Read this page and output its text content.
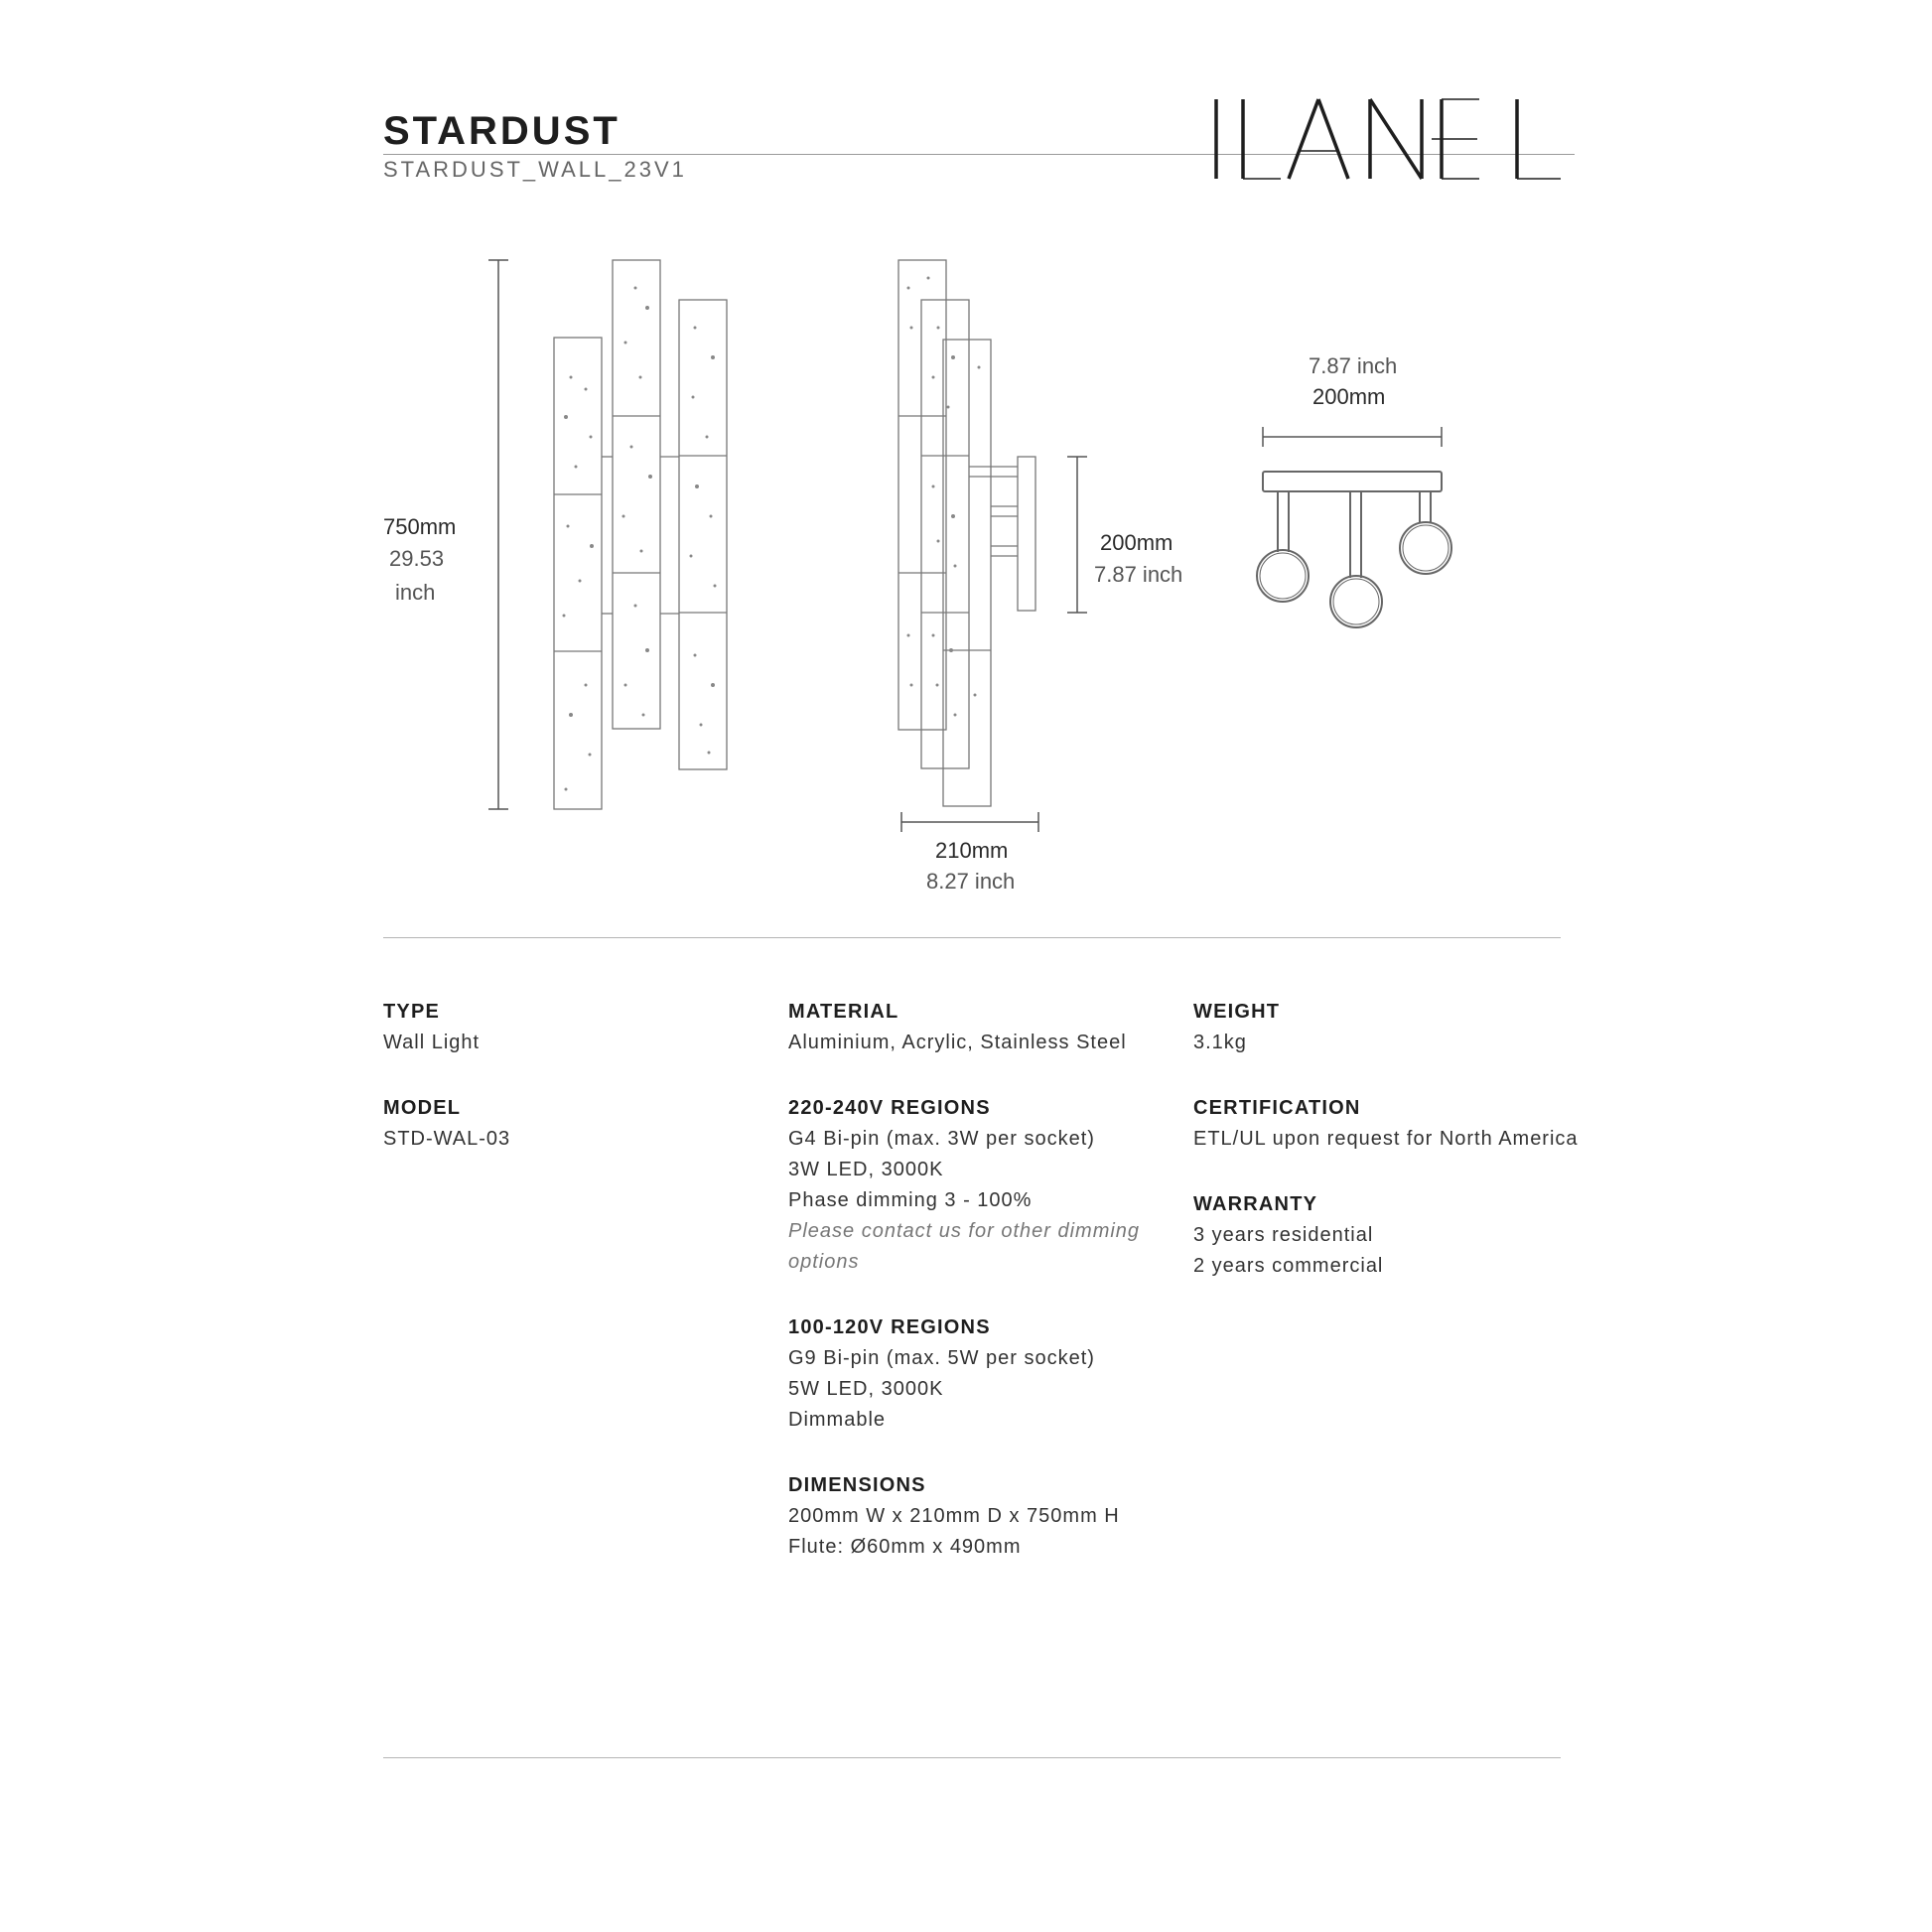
STARDUST
STARDUST_WALL_23V1
750mm
29.53
inch
210mm
8.27 inch
200mm
7.87 inch
7.87 inch
200mm
TYPE
Wall Light
MODEL
STD-WAL-03
MATERIAL
Aluminium, Acrylic, Stainless Steel
220-240V REGIONS
G4 Bi-pin (max. 3W per socket)
3W LED, 3000K
Phase dimming 3 - 100%
Please contact us for other dimming
options
100-120V REGIONS
G9 Bi-pin (max. 5W per socket)
5W LED, 3000K
Dimmable
DIMENSIONS
200mm W x 210mm D x 750mm H
Flute: Ø60mm x 490mm
WEIGHT
3.1kg
CERTIFICATION
ETL/UL upon request for North America
WARRANTY
3 years residential
2 years commercial
